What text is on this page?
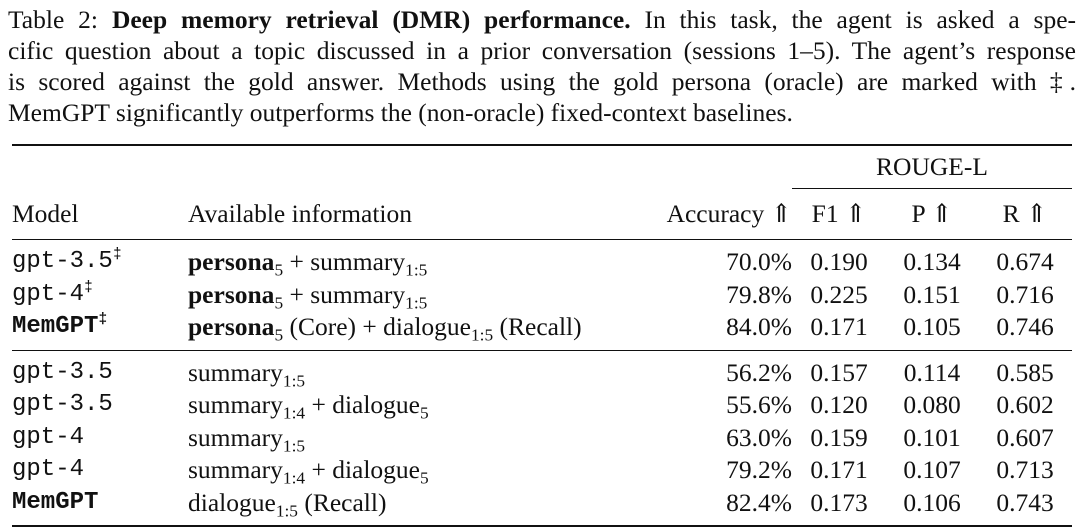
Table 2: Deep memory retrieval (DMR) performance. In this task, the agent is asked a spe-
cific question about a topic discussed in a prior conversation (sessions 1–5). The agent’s response
is scored against the gold answer. Methods using the gold persona (oracle) are marked with ‡.
MemGPT significantly outperforms the (non-oracle) fixed-context baselines.
			ROUGE-L		
Model	Available information	Accuracy ⇑	F1 ⇑	P ⇑	R ⇑
gpt-3.5‡	persona$_5$ + summary$_{1:5}$	70.0%	0.190	0.134	0.674
gpt-4‡	persona$_5$ + summary$_{1:5}$	79.8%	0.225	0.151	0.716
MemGPT‡	persona$_5$ (Core) + dialogue$_{1:5}$ (Recall)	84.0%	0.171	0.105	0.746
gpt-3.5	summary$_{1:5}$	56.2%	0.157	0.114	0.585
gpt-3.5	summary$_{1:4}$ + dialogue$_5$	55.6%	0.120	0.080	0.602
gpt-4	summary$_{1:5}$	63.0%	0.159	0.101	0.607
gpt-4	summary$_{1:4}$ + dialogue$_5$	79.2%	0.171	0.107	0.713
MemGPT	dialogue$_{1:5}$ (Recall)	82.4%	0.173	0.106	0.743
